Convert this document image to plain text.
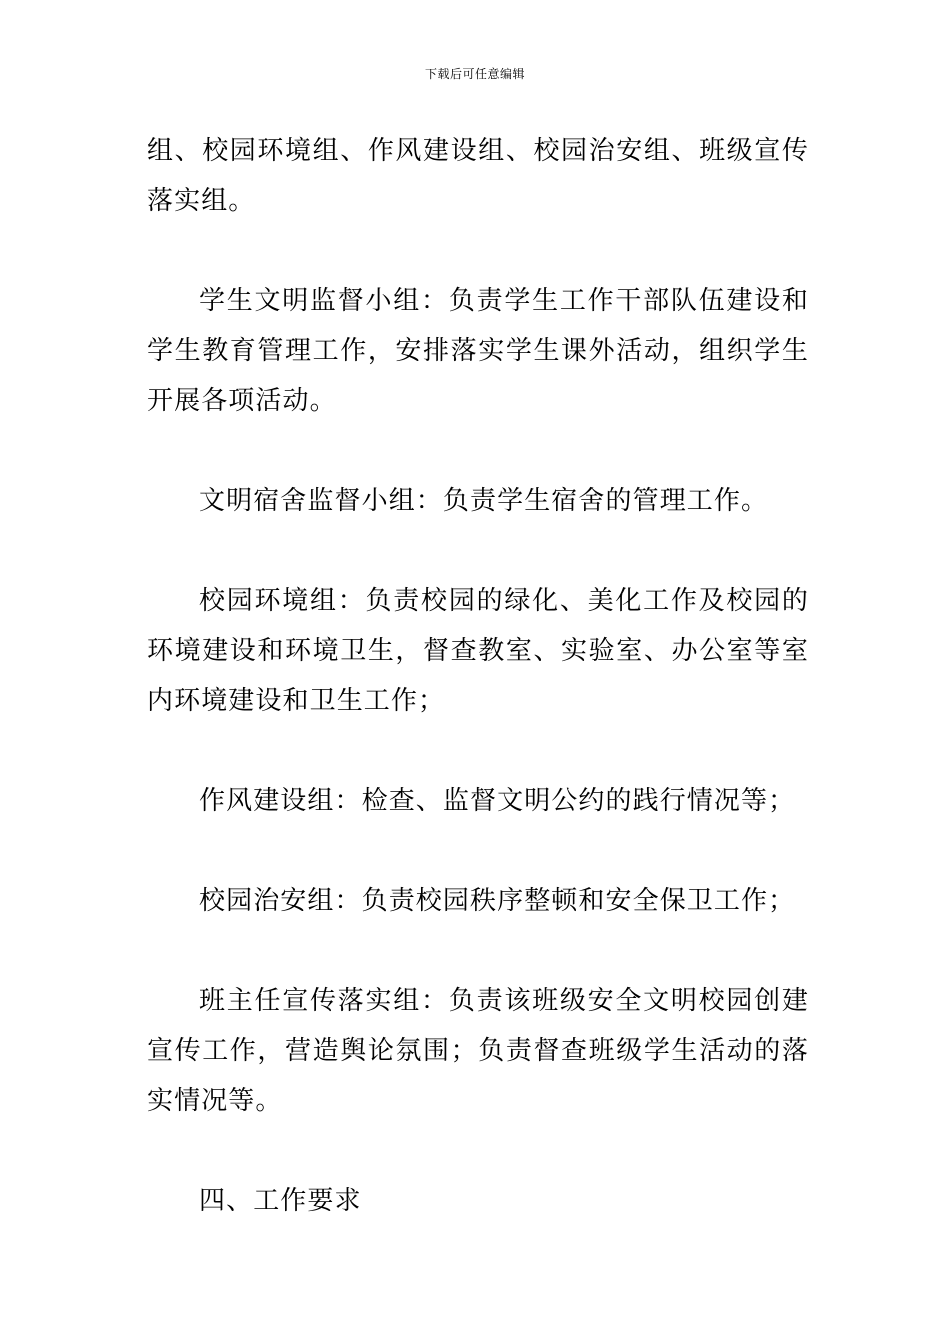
下载后可任意编辑

组、校园环境组、作风建设组、校园治安组、班级宣传落实组。

学生文明监督小组：负责学生工作干部队伍建设和学生教育管理工作，安排落实学生课外活动，组织学生开展各项活动。

文明宿舍监督小组：负责学生宿舍的管理工作。

校园环境组：负责校园的绿化、美化工作及校园的环境建设和环境卫生，督查教室、实验室、办公室等室内环境建设和卫生工作；

作风建设组：检查、监督文明公约的践行情况等；

校园治安组：负责校园秩序整顿和安全保卫工作；

班主任宣传落实组：负责该班级安全文明校园创建宣传工作，营造舆论氛围；负责督查班级学生活动的落实情况等。

四、工作要求
